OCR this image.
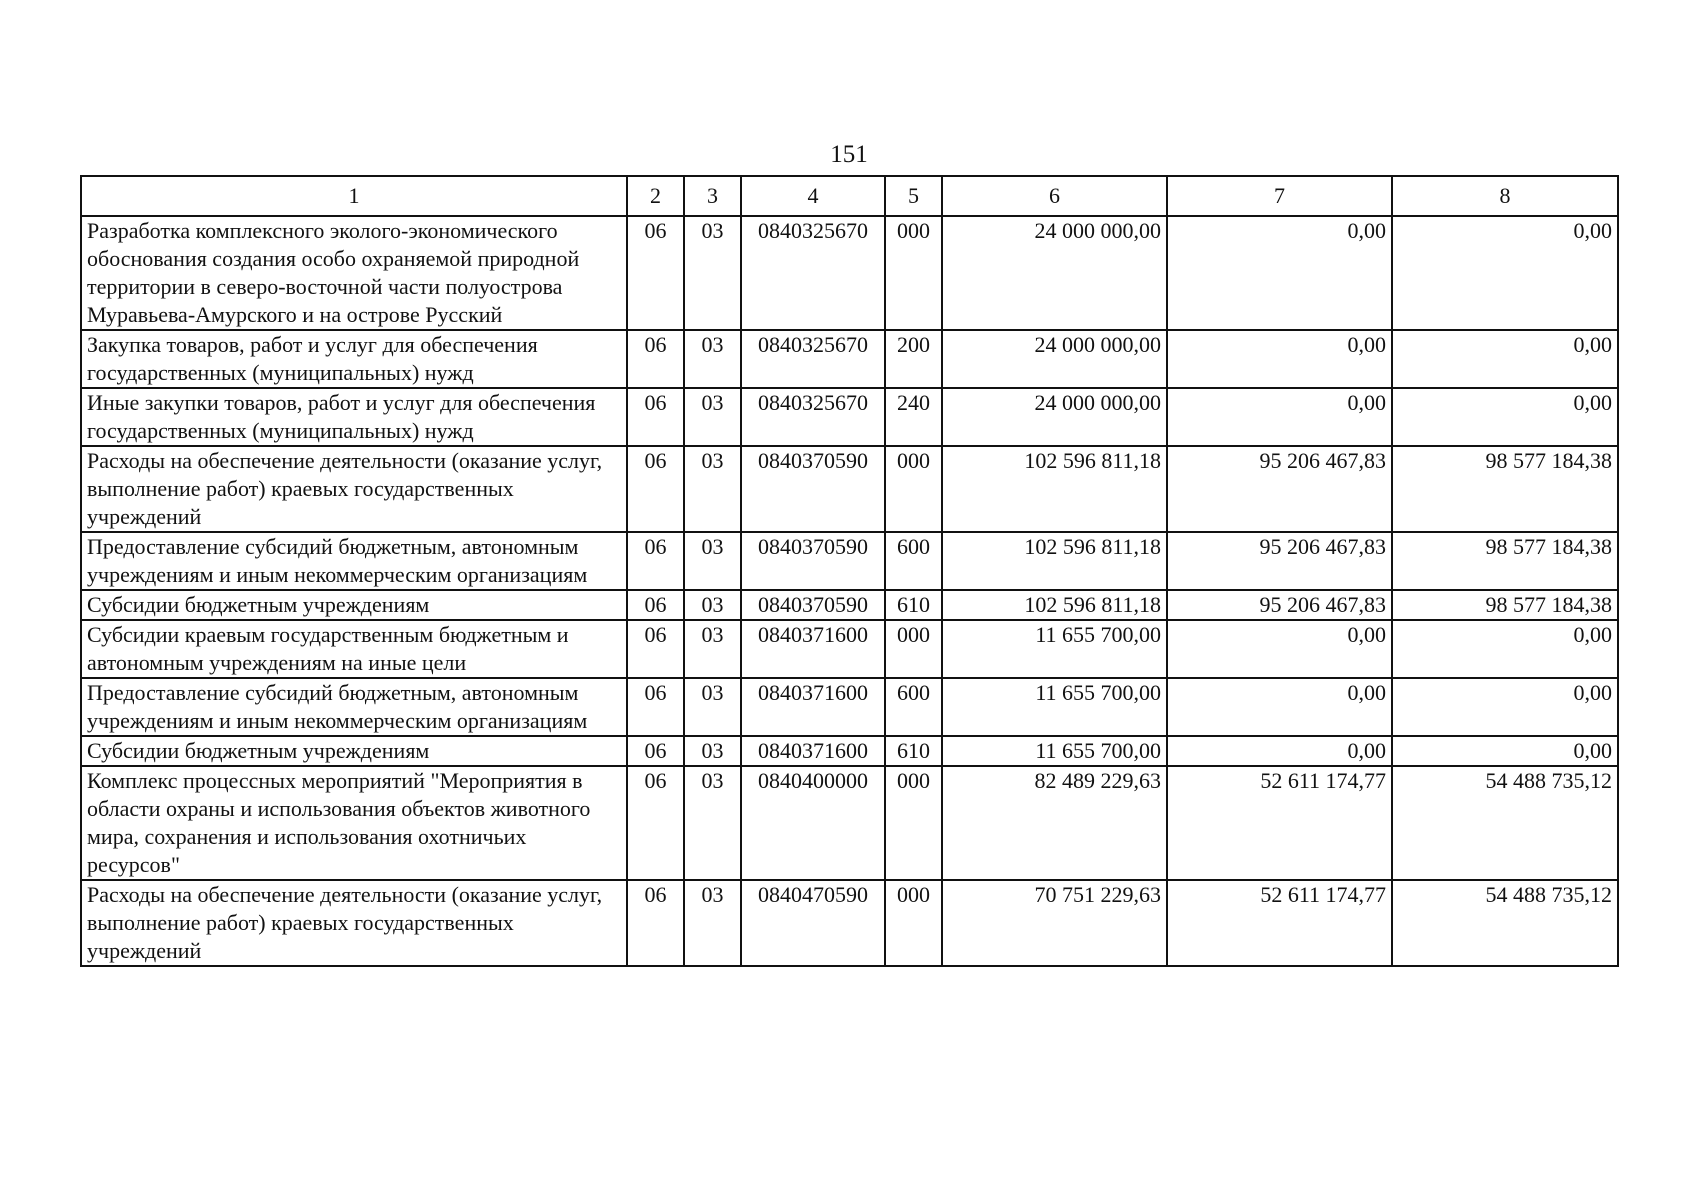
151
1	2	3	4	5	6	7	8
Разработка комплексного эколого-экономического обоснования создания особо охраняемой природной территории в северо-восточной части полуострова Муравьева-Амурского и на острове Русский	06	03	0840325670	000	24 000 000,00	0,00	0,00
Закупка товаров, работ и услуг для обеспечения государственных (муниципальных) нужд	06	03	0840325670	200	24 000 000,00	0,00	0,00
Иные закупки товаров, работ и услуг для обеспечения государственных (муниципальных) нужд	06	03	0840325670	240	24 000 000,00	0,00	0,00
Расходы на обеспечение деятельности (оказание услуг, выполнение работ) краевых государственных учреждений	06	03	0840370590	000	102 596 811,18	95 206 467,83	98 577 184,38
Предоставление субсидий бюджетным, автономным учреждениям и иным некоммерческим организациям	06	03	0840370590	600	102 596 811,18	95 206 467,83	98 577 184,38
Субсидии бюджетным учреждениям	06	03	0840370590	610	102 596 811,18	95 206 467,83	98 577 184,38
Субсидии краевым государственным бюджетным и автономным учреждениям на иные цели	06	03	0840371600	000	11 655 700,00	0,00	0,00
Предоставление субсидий бюджетным, автономным учреждениям и иным некоммерческим организациям	06	03	0840371600	600	11 655 700,00	0,00	0,00
Субсидии бюджетным учреждениям	06	03	0840371600	610	11 655 700,00	0,00	0,00
Комплекс процессных мероприятий "Мероприятия в области охраны и использования объектов животного мира, сохранения и использования охотничьих ресурсов"	06	03	0840400000	000	82 489 229,63	52 611 174,77	54 488 735,12
Расходы на обеспечение деятельности (оказание услуг, выполнение работ) краевых государственных учреждений	06	03	0840470590	000	70 751 229,63	52 611 174,77	54 488 735,12
